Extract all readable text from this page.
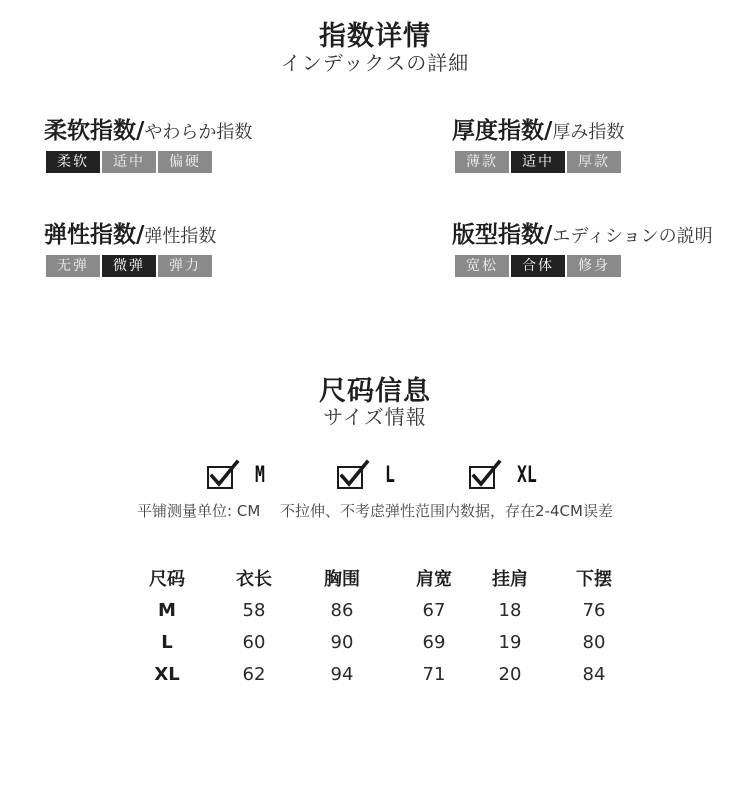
指数详情
インデックスの詳細
柔软指数/やわらか指数
柔软	适中	偏硬
厚度指数/厚み指数
薄款	适中	厚款
弹性指数/弹性指数
无弹	微弹	弹力
版型指数/エディションの説明
宽松	合体	修身
尺码信息
サイズ情報
M	L	XL
平铺测量单位: CM　 不拉伸、不考虑弹性范围内数据，存在2-4CM误差
尺码	衣长	胸围	肩宽	挂肩	下摆
M	58	86	67	18	76
L	60	90	69	19	80
XL	62	94	71	20	84
